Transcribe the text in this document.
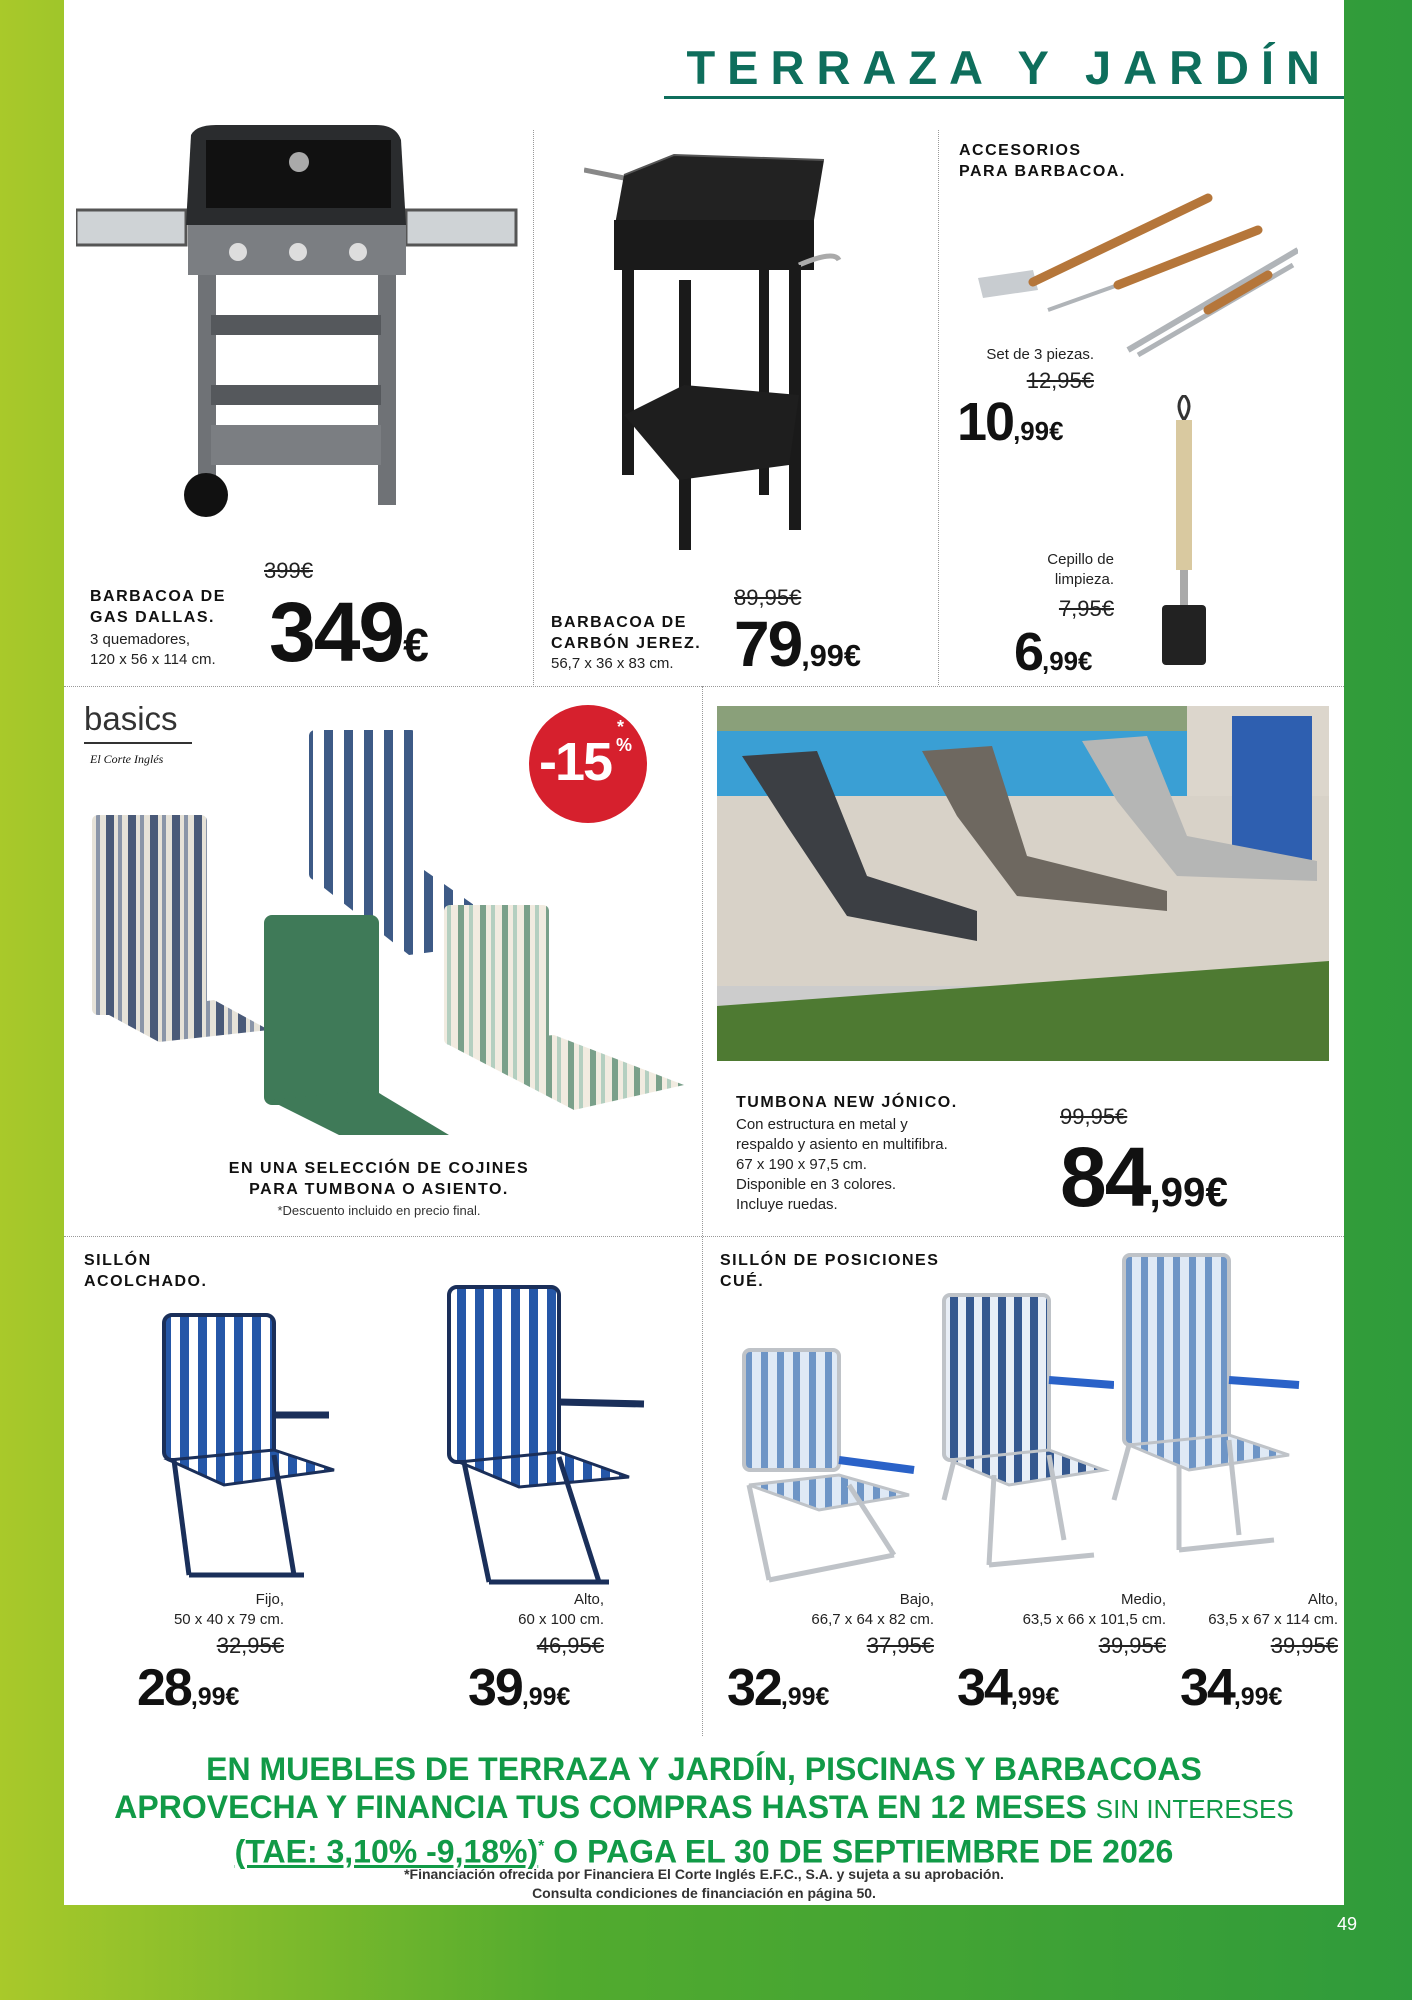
TERRAZA Y JARDÍN
BARBACOA DE
GAS DALLAS.
3 quemadores,
120 x 56 x 114 cm.
399€
349€	BARBACOA DE
CARBÓN JEREZ.
56,7 x 36 x 83 cm.
89,95€
79,99€
ACCESORIOS
PARA BARBACOA.
Set de 3 piezas.
12,95€
10,99€
Cepillo de
limpieza.
7,95€
6,99€
basics
El Corte Inglés	-15
*
%
EN UNA SELECCIÓN DE COJINES
PARA TUMBONA O ASIENTO.
*Descuento incluido en precio final.
TUMBONA NEW JÓNICO.
Con estructura en metal y
respaldo y asiento en multifibra.
67 x 190 x 97,5 cm.
Disponible en 3 colores.
Incluye ruedas.
99,95€
84,99€
SILLÓN
ACOLCHADO.
Fijo,
50 x 40 x 79 cm.
32,95€
28,99€
Alto,
60 x 100 cm.
46,95€
39,99€
SILLÓN DE POSICIONES
CUÉ.
Bajo,
66,7 x 64 x 82 cm.
37,95€
32,99€
Medio,
63,5 x 66 x 101,5 cm.
39,95€
34,99€
Alto,
63,5 x 67 x 114 cm.
39,95€
34,99€
EN MUEBLES DE TERRAZA Y JARDÍN, PISCINAS Y BARBACOAS
APROVECHA Y FINANCIA TUS COMPRAS HASTA EN 12 MESES SIN INTERESES
(TAE: 3,10% -9,18%)* O PAGA EL 30 DE SEPTIEMBRE DE 2026
*Financiación ofrecida por Financiera El Corte Inglés E.F.C., S.A. y sujeta a su aprobación.
Consulta condiciones de financiación en página 50.
49
